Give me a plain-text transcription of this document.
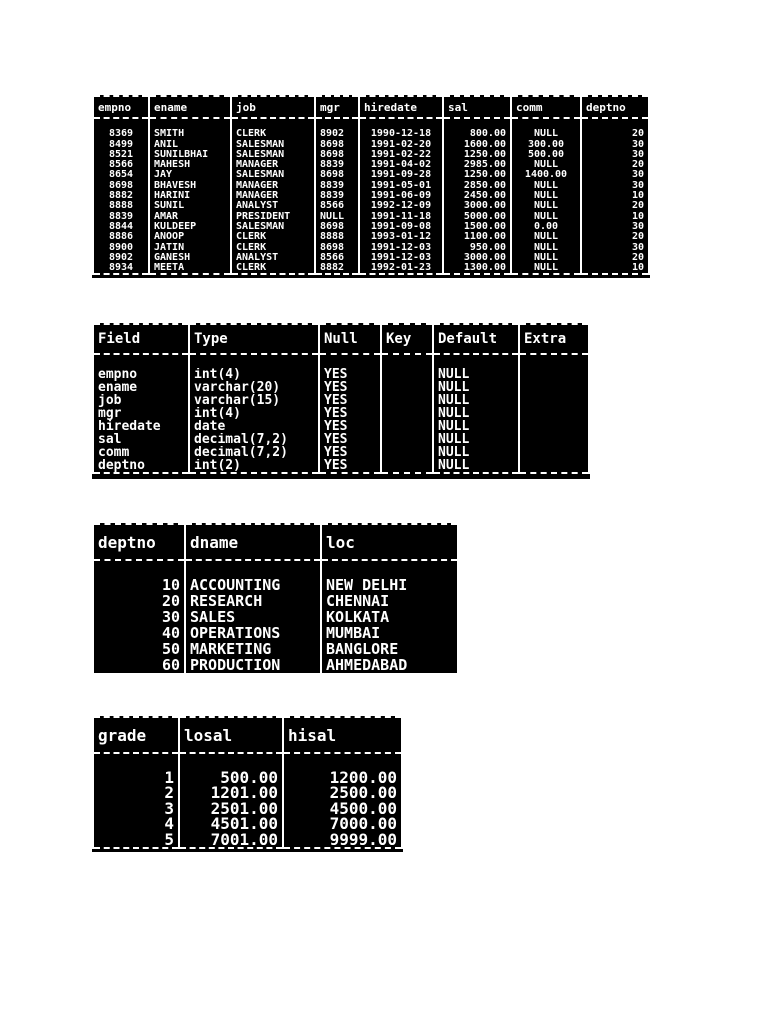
empno	ename	job	mgr	hiredate	sal	comm	deptno

8369	SMITH	CLERK	8902	1990-12-18	800.00	NULL	20
8499	ANIL	SALESMAN	8698	1991-02-20	1600.00	300.00	30
8521	SUNILBHAI	SALESMAN	8698	1991-02-22	1250.00	500.00	30
8566	MAHESH	MANAGER	8839	1991-04-02	2985.00	NULL	20
8654	JAY	SALESMAN	8698	1991-09-28	1250.00	1400.00	30
8698	BHAVESH	MANAGER	8839	1991-05-01	2850.00	NULL	30
8882	HARINI	MANAGER	8839	1991-06-09	2450.00	NULL	10
8888	SUNIL	ANALYST	8566	1992-12-09	3000.00	NULL	20
8839	AMAR	PRESIDENT	NULL	1991-11-18	5000.00	NULL	10
8844	KULDEEP	SALESMAN	8698	1991-09-08	1500.00	0.00	30
8886	ANOOP	CLERK	8888	1993-01-12	1100.00	NULL	20
8900	JATIN	CLERK	8698	1991-12-03	950.00	NULL	30
8902	GANESH	ANALYST	8566	1991-12-03	3000.00	NULL	20
8934	MEETA	CLERK	8882	1992-01-23	1300.00	NULL	10
Field	Type	Null	Key	Default	Extra

empno	int(4)	YES		NULL	
ename	varchar(20)	YES		NULL	
job	varchar(15)	YES		NULL	
mgr	int(4)	YES		NULL	
hiredate	date	YES		NULL	
sal	decimal(7,2)	YES		NULL	
comm	decimal(7,2)	YES		NULL	
deptno	int(2)	YES		NULL	
deptno	dname	loc

10	ACCOUNTING	NEW DELHI
20	RESEARCH	CHENNAI
30	SALES	KOLKATA
40	OPERATIONS	MUMBAI
50	MARKETING	BANGLORE
60	PRODUCTION	AHMEDABAD
grade	losal	hisal

1	500.00	1200.00
2	1201.00	2500.00
3	2501.00	4500.00
4	4501.00	7000.00
5	7001.00	9999.00
